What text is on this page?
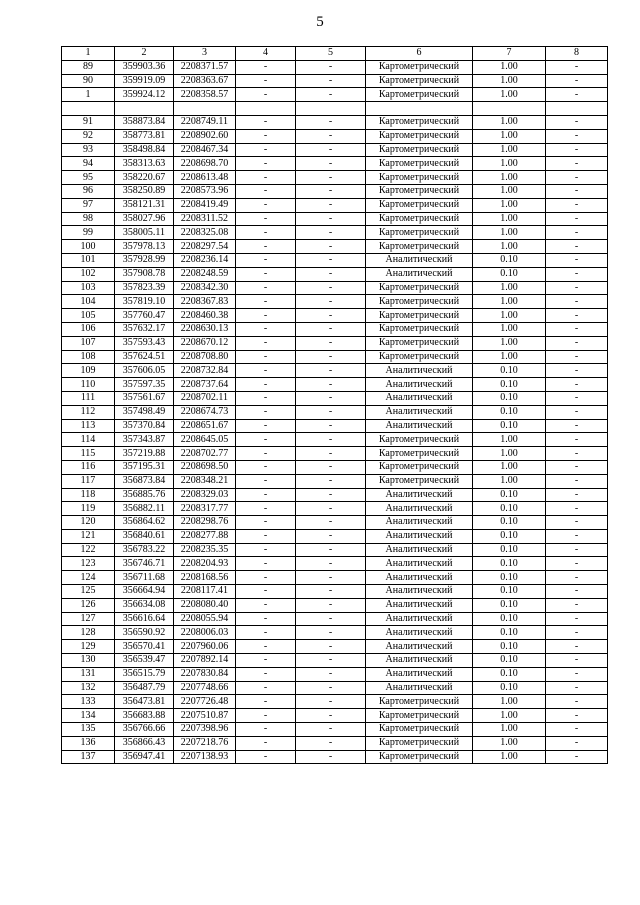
5
1	2	3	4	5	6	7	8
89	359903.36	2208371.57	-	-	Картометрический	1.00	-
90	359919.09	2208363.67	-	-	Картометрический	1.00	-
1	359924.12	2208358.57	-	-	Картометрический	1.00	-

91	358873.84	2208749.11	-	-	Картометрический	1.00	-
92	358773.81	2208902.60	-	-	Картометрический	1.00	-
93	358498.84	2208467.34	-	-	Картометрический	1.00	-
94	358313.63	2208698.70	-	-	Картометрический	1.00	-
95	358220.67	2208613.48	-	-	Картометрический	1.00	-
96	358250.89	2208573.96	-	-	Картометрический	1.00	-
97	358121.31	2208419.49	-	-	Картометрический	1.00	-
98	358027.96	2208311.52	-	-	Картометрический	1.00	-
99	358005.11	2208325.08	-	-	Картометрический	1.00	-
100	357978.13	2208297.54	-	-	Картометрический	1.00	-
101	357928.99	2208236.14	-	-	Аналитический	0.10	-
102	357908.78	2208248.59	-	-	Аналитический	0.10	-
103	357823.39	2208342.30	-	-	Картометрический	1.00	-
104	357819.10	2208367.83	-	-	Картометрический	1.00	-
105	357760.47	2208460.38	-	-	Картометрический	1.00	-
106	357632.17	2208630.13	-	-	Картометрический	1.00	-
107	357593.43	2208670.12	-	-	Картометрический	1.00	-
108	357624.51	2208708.80	-	-	Картометрический	1.00	-
109	357606.05	2208732.84	-	-	Аналитический	0.10	-
110	357597.35	2208737.64	-	-	Аналитический	0.10	-
111	357561.67	2208702.11	-	-	Аналитический	0.10	-
112	357498.49	2208674.73	-	-	Аналитический	0.10	-
113	357370.84	2208651.67	-	-	Аналитический	0.10	-
114	357343.87	2208645.05	-	-	Картометрический	1.00	-
115	357219.88	2208702.77	-	-	Картометрический	1.00	-
116	357195.31	2208698.50	-	-	Картометрический	1.00	-
117	356873.84	2208348.21	-	-	Картометрический	1.00	-
118	356885.76	2208329.03	-	-	Аналитический	0.10	-
119	356882.11	2208317.77	-	-	Аналитический	0.10	-
120	356864.62	2208298.76	-	-	Аналитический	0.10	-
121	356840.61	2208277.88	-	-	Аналитический	0.10	-
122	356783.22	2208235.35	-	-	Аналитический	0.10	-
123	356746.71	2208204.93	-	-	Аналитический	0.10	-
124	356711.68	2208168.56	-	-	Аналитический	0.10	-
125	356664.94	2208117.41	-	-	Аналитический	0.10	-
126	356634.08	2208080.40	-	-	Аналитический	0.10	-
127	356616.64	2208055.94	-	-	Аналитический	0.10	-
128	356590.92	2208006.03	-	-	Аналитический	0.10	-
129	356570.41	2207960.06	-	-	Аналитический	0.10	-
130	356539.47	2207892.14	-	-	Аналитический	0.10	-
131	356515.79	2207830.84	-	-	Аналитический	0.10	-
132	356487.79	2207748.66	-	-	Аналитический	0.10	-
133	356473.81	2207726.48	-	-	Картометрический	1.00	-
134	356683.88	2207510.87	-	-	Картометрический	1.00	-
135	356766.66	2207398.96	-	-	Картометрический	1.00	-
136	356866.43	2207218.76	-	-	Картометрический	1.00	-
137	356947.41	2207138.93	-	-	Картометрический	1.00	-
